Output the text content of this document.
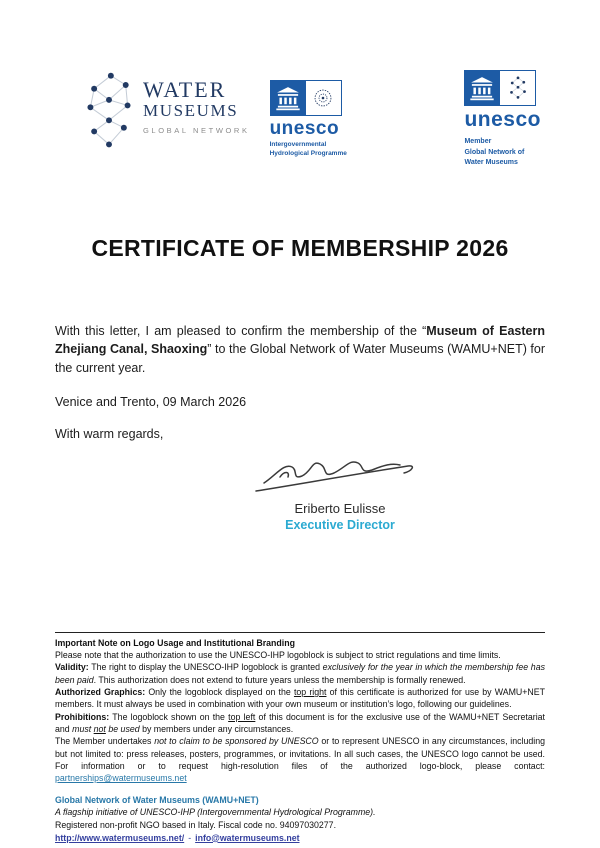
WATER
MUSEUMS
GLOBAL NETWORK unesco
Intergovernmental
Hydrological Programme
unesco
Member
Global Network of
Water Museums
CERTIFICATE OF MEMBERSHIP 2026

With this letter, I am pleased to confirm the membership of the “Museum of Eastern Zhejiang Canal, Shaoxing” to the Global Network of Water Museums (WAMU+NET) for the current year.

Venice and Trento, 09 March 2026

With warm regards,

Eriberto Eulisse
Executive Director
Important Note on Logo Usage and Institutional Branding
Please note that the authorization to use the UNESCO-IHP logoblock is subject to strict regulations and time limits.
Validity: The right to display the UNESCO-IHP logoblock is granted exclusively for the year in which the membership fee has been paid. This authorization does not extend to future years unless the membership is formally renewed.
Authorized Graphics: Only the logoblock displayed on the top right of this certificate is authorized for use by WAMU+NET members. It must always be used in combination with your own museum or institution’s logo, following our guidelines.
Prohibitions: The logoblock shown on the top left of this document is for the exclusive use of the WAMU+NET Secretariat and must not be used by members under any circumstances.
The Member undertakes not to claim to be sponsored by UNESCO or to represent UNESCO in any circumstances, including but not limited to: press releases, posters, programmes, or invitations. In all such cases, the UNESCO logo cannot be used. For information or to request high-resolution files of the authorized logo-block, please contact: partnerships@watermuseums.net
Global Network of Water Museums (WAMU+NET)
A flagship initiative of UNESCO-IHP (Intergovernmental Hydrological Programme).
Registered non-profit NGO based in Italy. Fiscal code no. 94097030277.
http://www.watermuseums.net/ - info@watermuseums.net
